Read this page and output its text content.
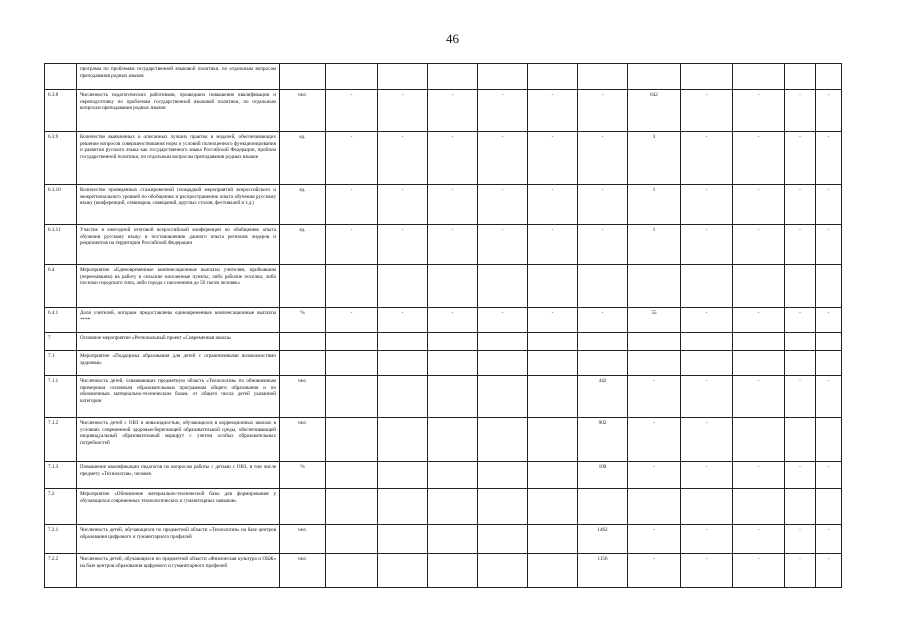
46
	программ по проблемам государственной языковой политики, по отдельным вопросам преподавания родных языков												
6.3.8	Численность педагогических работников, прошедших повышение квалификации и переподготовку по проблемам государственной языковой политики, по отдельным вопросам преподавания родных языков	чел.	-	-	-	-	-	-	642	-	-	-	-
6.3.9	Количество выявленных и описанных лучших практик и моделей, обеспечивающих решение вопросов совершенствования норм и условий полноценного функционирования и развития русского языка как государственного языка Российской Федерации, проблем государственной политики, по отдельным вопросам преподавания родных языков	ед.	-	-	-	-	-	-	3	-	-	-	-
6.3.10	Количество проведенных стажировочной площадкой мероприятий всероссийского и межрегионального уровней по обобщению и распространению опыта обучения русскому языку (конференций, семинаров, совещаний, круглых столов, фестивалей и т.д.)	ед.	-	-	-	-	-	-	1	-	-	-	-
6.3.11	Участие в ежегодной итоговой всероссийской конференции по обобщению опыта обучения русскому языку и постановлению данного опыта регионов лидеров и реципиентов на территории Российской Федерации	ед.	-	-	-	-	-	-	1	-	-	-	-
6.4	Мероприятие «Единовременные компенсационные выплаты учителям, прибывшим (переехавшим) на работу в сельские населенные пункты, либо рабочие поселки, либо поселки городского типа, либо города с населением до 50 тысяч человек»												
6.4.1	Доля учителей, которым предоставлены единовременные компенсационные выплаты ****	%	-	-	-	-	-	-	55	-	-	-	-
7	Основное мероприятие «Региональный проект «Современная школа»												
7.1	Мероприятие «Поддержка образования для детей с ограниченными возможностями здоровья»												
7.1.1	Численность детей, осваивающих предметную область «Технология» по обновленным примерным основным образовательным программам общего образования и по обновленным материально-техническим базам, от общего числа детей указанной категории	чел.						442	-	-	-	-	-
7.1.2	Численность детей с ОВЗ и инвалидностью, обучающихся в коррекционных школах в условиях современной здоровьесберегающей образовательной среды, обеспечивающей индивидуальный образовательный маршрут с учетом особых образовательных потребностей	чел.						902	-	-			
7.1.3	Повышение квалификации педагогов по вопросам работы с детьми с ОВЗ, в том числе предмету «Технология», человек	%						100	-	-	-	-	-
7.2	Мероприятие «Обновление материально-технической базы для формирования у обучающихся современных технологических и гуманитарных навыков»												
7.2.1	Численность детей, обучающихся по предметной области «Технология» на базе центров образования цифрового и гуманитарного профилей	чел.						1462	-	-	-	-	-
7.2.2	Численность детей, обучающихся по предметной области «Физическая культура и ОБЖ» на базе центров образования цифрового и гуманитарного профилей	чел.						1156	-	-	-	-	-
